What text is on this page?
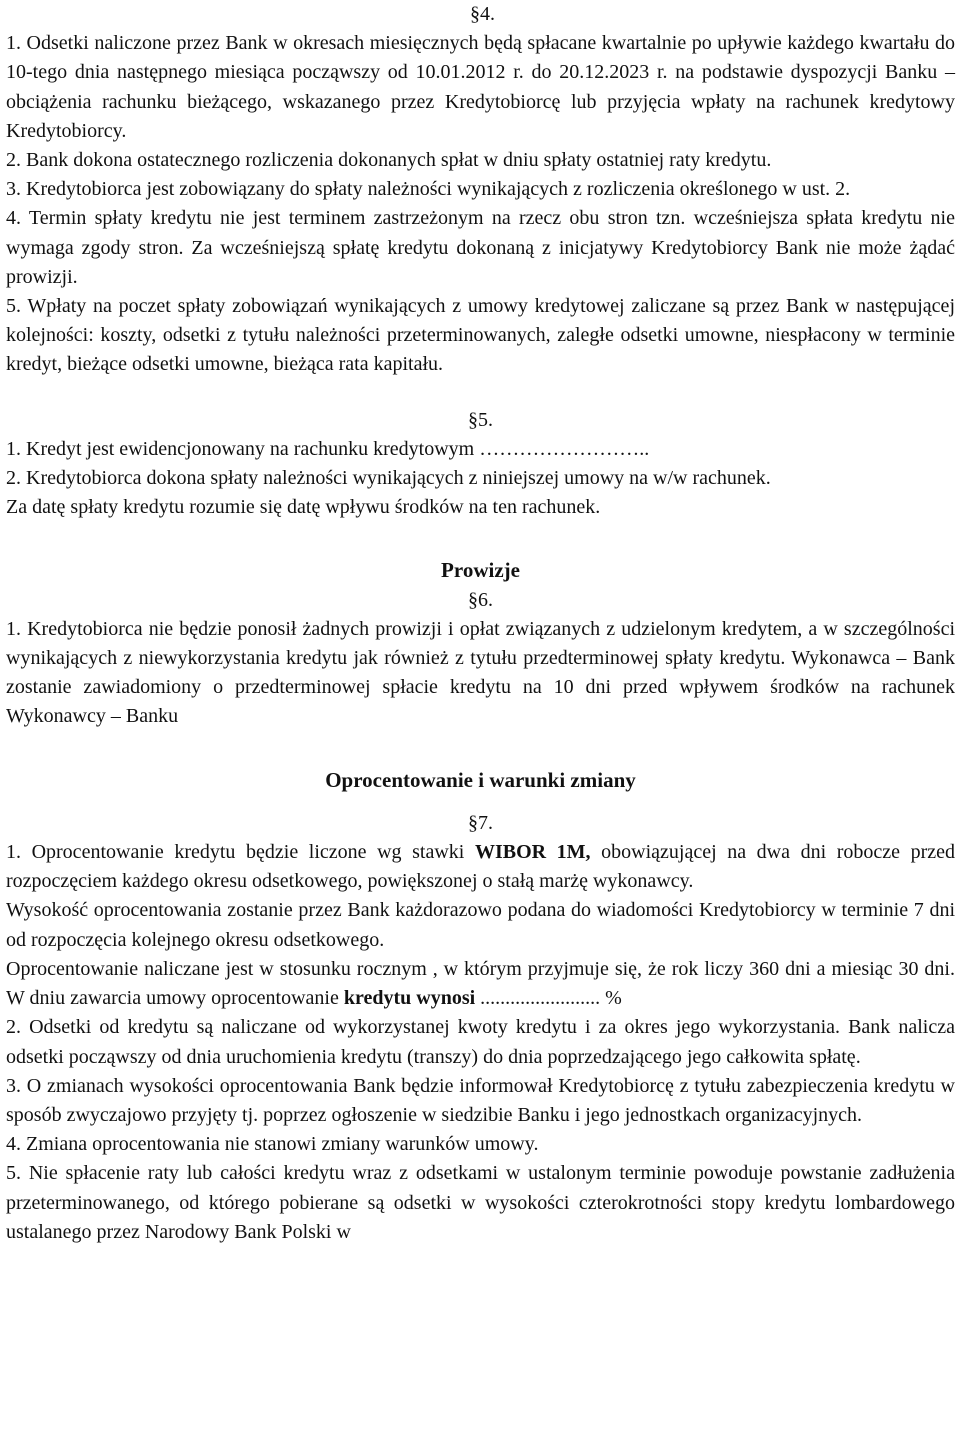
§4.

1. Odsetki naliczone przez Bank w okresach miesięcznych będą spłacane kwartalnie po upływie każdego kwartału do 10-tego dnia następnego miesiąca począwszy od 10.01.2012 r. do 20.12.2023 r. na podstawie dyspozycji Banku – obciążenia rachunku bieżącego, wskazanego przez Kredytobiorcę lub przyjęcia wpłaty na rachunek kredytowy Kredytobiorcy.

2. Bank dokona ostatecznego rozliczenia dokonanych spłat w dniu spłaty ostatniej raty kredytu.

3. Kredytobiorca jest zobowiązany do spłaty należności wynikających z rozliczenia określonego w ust. 2.

4. Termin spłaty kredytu nie jest terminem zastrzeżonym na rzecz obu stron tzn. wcześniejsza spłata kredytu nie wymaga zgody stron. Za wcześniejszą spłatę kredytu dokonaną z inicjatywy Kredytobiorcy Bank nie może żądać prowizji.

5. Wpłaty na poczet spłaty zobowiązań wynikających z umowy kredytowej zaliczane są przez Bank w następującej kolejności: koszty, odsetki z tytułu należności przeterminowanych, zaległe odsetki umowne, niespłacony w terminie kredyt, bieżące odsetki umowne, bieżąca rata kapitału.

§5.

1. Kredyt jest ewidencjonowany na rachunku kredytowym ……………………..

2. Kredytobiorca dokona spłaty należności wynikających z niniejszej umowy na w/w rachunek.

Za datę spłaty kredytu rozumie się datę wpływu środków na ten rachunek.

Prowizje

§6.

1. Kredytobiorca nie będzie ponosił żadnych prowizji i opłat związanych z udzielonym kredytem, a w szczególności wynikających z niewykorzystania kredytu jak również z tytułu przedterminowej spłaty kredytu. Wykonawca – Bank zostanie zawiadomiony o przedterminowej spłacie kredytu na 10 dni przed wpływem środków na rachunek Wykonawcy – Banku

Oprocentowanie i warunki zmiany

§7.

1. Oprocentowanie kredytu będzie liczone wg stawki WIBOR 1M, obowiązującej na dwa dni robocze przed rozpoczęciem każdego okresu odsetkowego, powiększonej o stałą marżę wykonawcy.

Wysokość oprocentowania zostanie przez Bank każdorazowo podana do wiadomości Kredytobiorcy w terminie 7 dni od rozpoczęcia kolejnego okresu odsetkowego.

Oprocentowanie naliczane jest w stosunku rocznym , w którym przyjmuje się, że rok liczy 360 dni a miesiąc 30 dni. W dniu zawarcia umowy oprocentowanie kredytu wynosi ........................ %

2. Odsetki od kredytu są naliczane od wykorzystanej kwoty kredytu i za okres jego wykorzystania. Bank nalicza odsetki począwszy od dnia uruchomienia kredytu (transzy) do dnia poprzedzającego jego całkowita spłatę.

3. O zmianach wysokości oprocentowania Bank będzie informował Kredytobiorcę z tytułu zabezpieczenia kredytu w sposób zwyczajowo przyjęty tj. poprzez ogłoszenie w siedzibie Banku i jego jednostkach organizacyjnych.

4. Zmiana oprocentowania nie stanowi zmiany warunków umowy.

5. Nie spłacenie raty lub całości kredytu wraz z odsetkami w ustalonym terminie powoduje powstanie zadłużenia przeterminowanego, od którego pobierane są odsetki w wysokości czterokrotności stopy kredytu lombardowego ustalanego przez Narodowy Bank Polski w
